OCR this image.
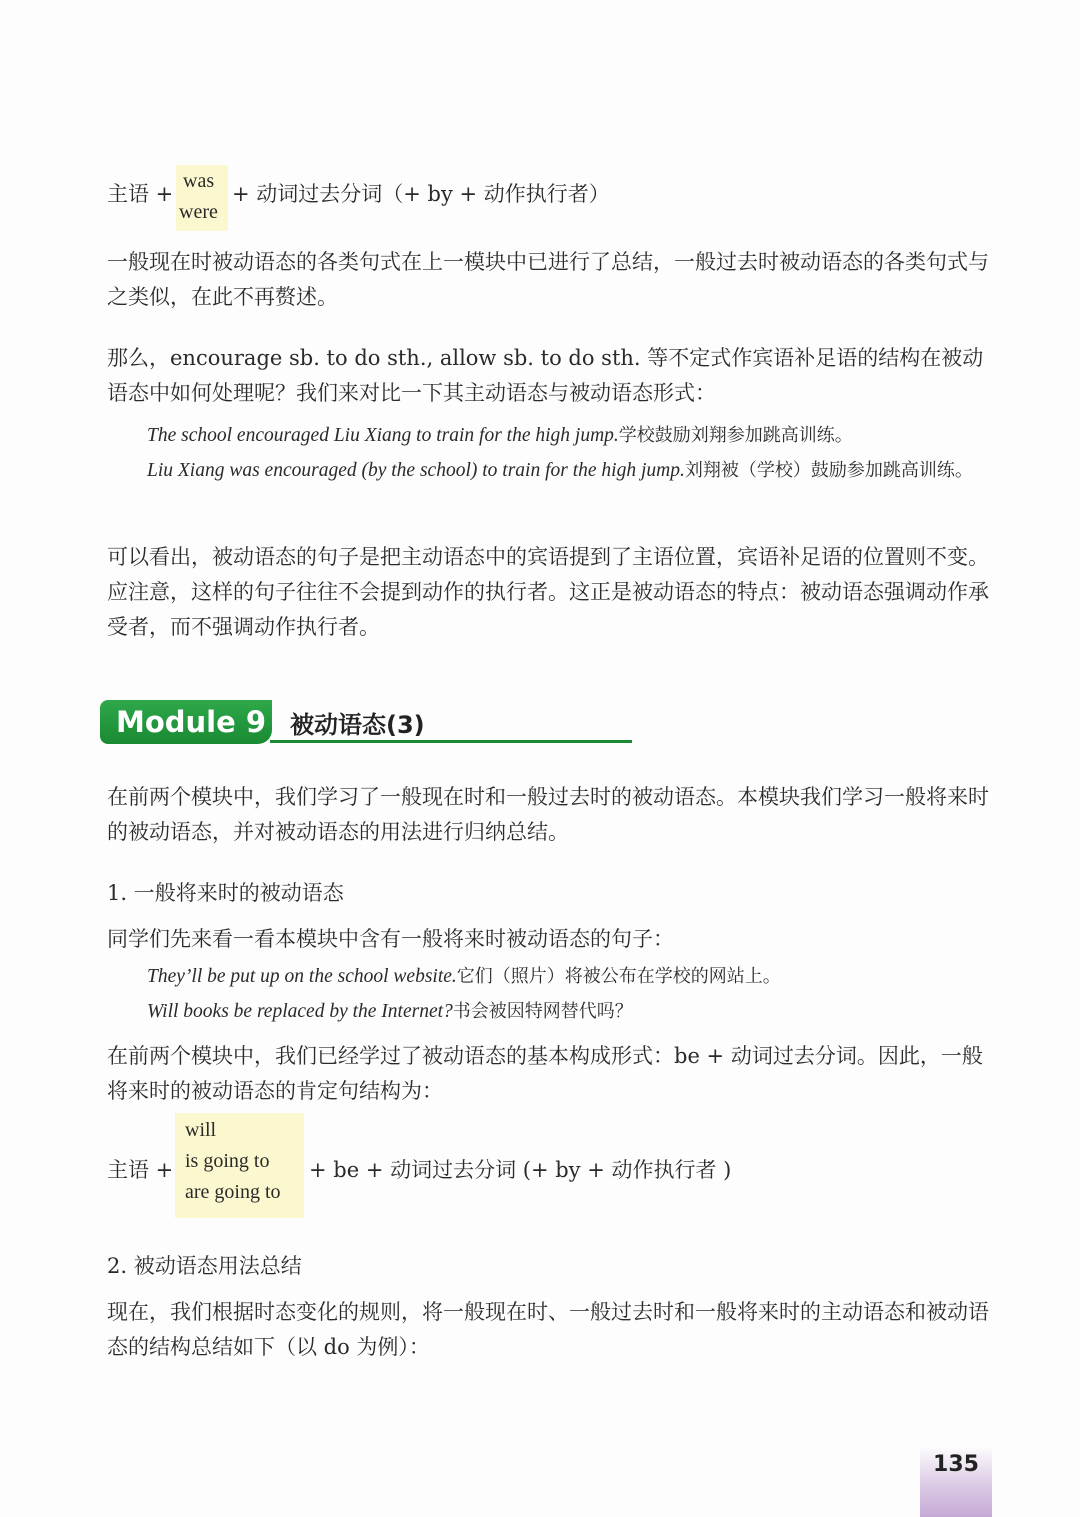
主语 +
was
were
+ 动词过去分词（+ by + 动作执行者）

一般现在时被动语态的各类句式在上一模块中已进行了总结，一般过去时被动语态的各类句式与之类似，在此不再赘述。

那么，encourage sb. to do sth., allow sb. to do sth. 等不定式作宾语补足语的结构在被动语态中如何处理呢？我们来对比一下其主动语态与被动语态形式：

The school encouraged Liu Xiang to train for the high jump.学校鼓励刘翔参加跳高训练。

Liu Xiang was encouraged (by the school) to train for the high jump.刘翔被（学校）鼓励参加跳高训练。

可以看出，被动语态的句子是把主动语态中的宾语提到了主语位置，宾语补足语的位置则不变。应注意，这样的句子往往不会提到动作的执行者。这正是被动语态的特点：被动语态强调动作承受者，而不强调动作执行者。

Module 9 被动语态(3)

在前两个模块中，我们学习了一般现在时和一般过去时的被动语态。本模块我们学习一般将来时的被动语态，并对被动语态的用法进行归纳总结。

1. 一般将来时的被动语态

同学们先来看一看本模块中含有一般将来时被动语态的句子：

They’ll be put up on the school website.它们（照片）将被公布在学校的网站上。

Will books be replaced by the Internet?书会被因特网替代吗？

在前两个模块中，我们已经学过了被动语态的基本构成形式：be + 动词过去分词。因此，一般将来时的被动语态的肯定句结构为：

主语 +
will
is going to
are going to
+ be + 动词过去分词 (+ by + 动作执行者 )

2. 被动语态用法总结

现在，我们根据时态变化的规则，将一般现在时、一般过去时和一般将来时的主动语态和被动语态的结构总结如下（以 do 为例）：

135
